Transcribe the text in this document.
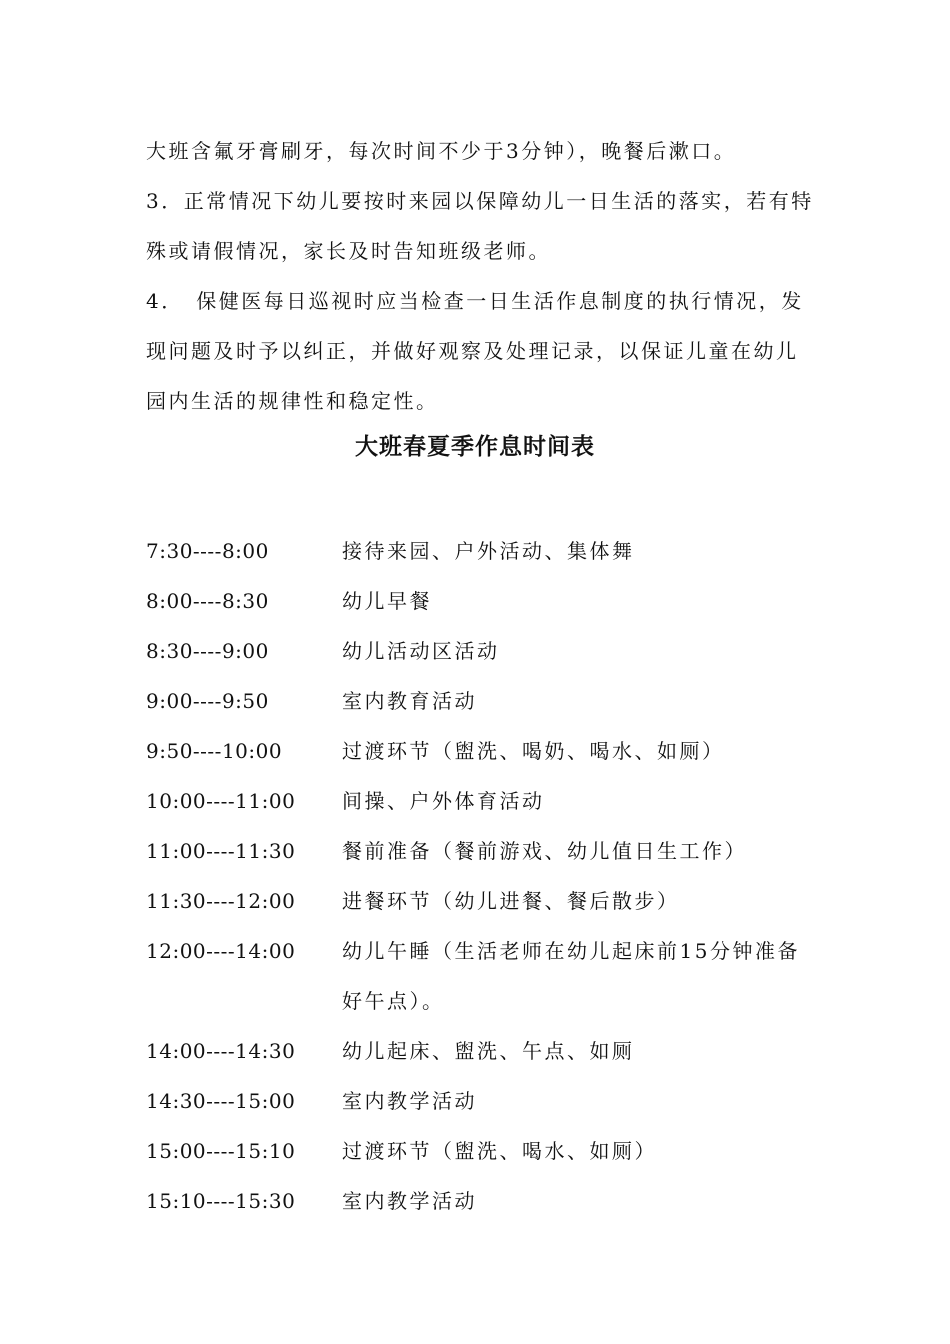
大班含氟牙膏刷牙，每次时间不少于3分钟），晚餐后漱口。

3．正常情况下幼儿要按时来园以保障幼儿一日生活的落实，若有特殊或请假情况，家长及时告知班级老师。

4．　保健医每日巡视时应当检查一日生活作息制度的执行情况，发现问题及时予以纠正，并做好观察及处理记录，以保证儿童在幼儿园内生活的规律性和稳定性。

大班春夏季作息时间表
7:30----8:00	接待来园、户外活动、集体舞
8:00----8:30	幼儿早餐
8:30----9:00	幼儿活动区活动
9:00----9:50	室内教育活动
9:50----10:00	过渡环节（盥洗、喝奶、喝水、如厕）
10:00----11:00	间操、户外体育活动
11:00----11:30	餐前准备（餐前游戏、幼儿值日生工作）
11:30----12:00	进餐环节（幼儿进餐、餐后散步）
12:00----14:00	幼儿午睡（生活老师在幼儿起床前15分钟准备好午点）。
14:00----14:30	幼儿起床、盥洗、午点、如厕
14:30----15:00	室内教学活动
15:00----15:10	过渡环节（盥洗、喝水、如厕）
15:10----15:30	室内教学活动
